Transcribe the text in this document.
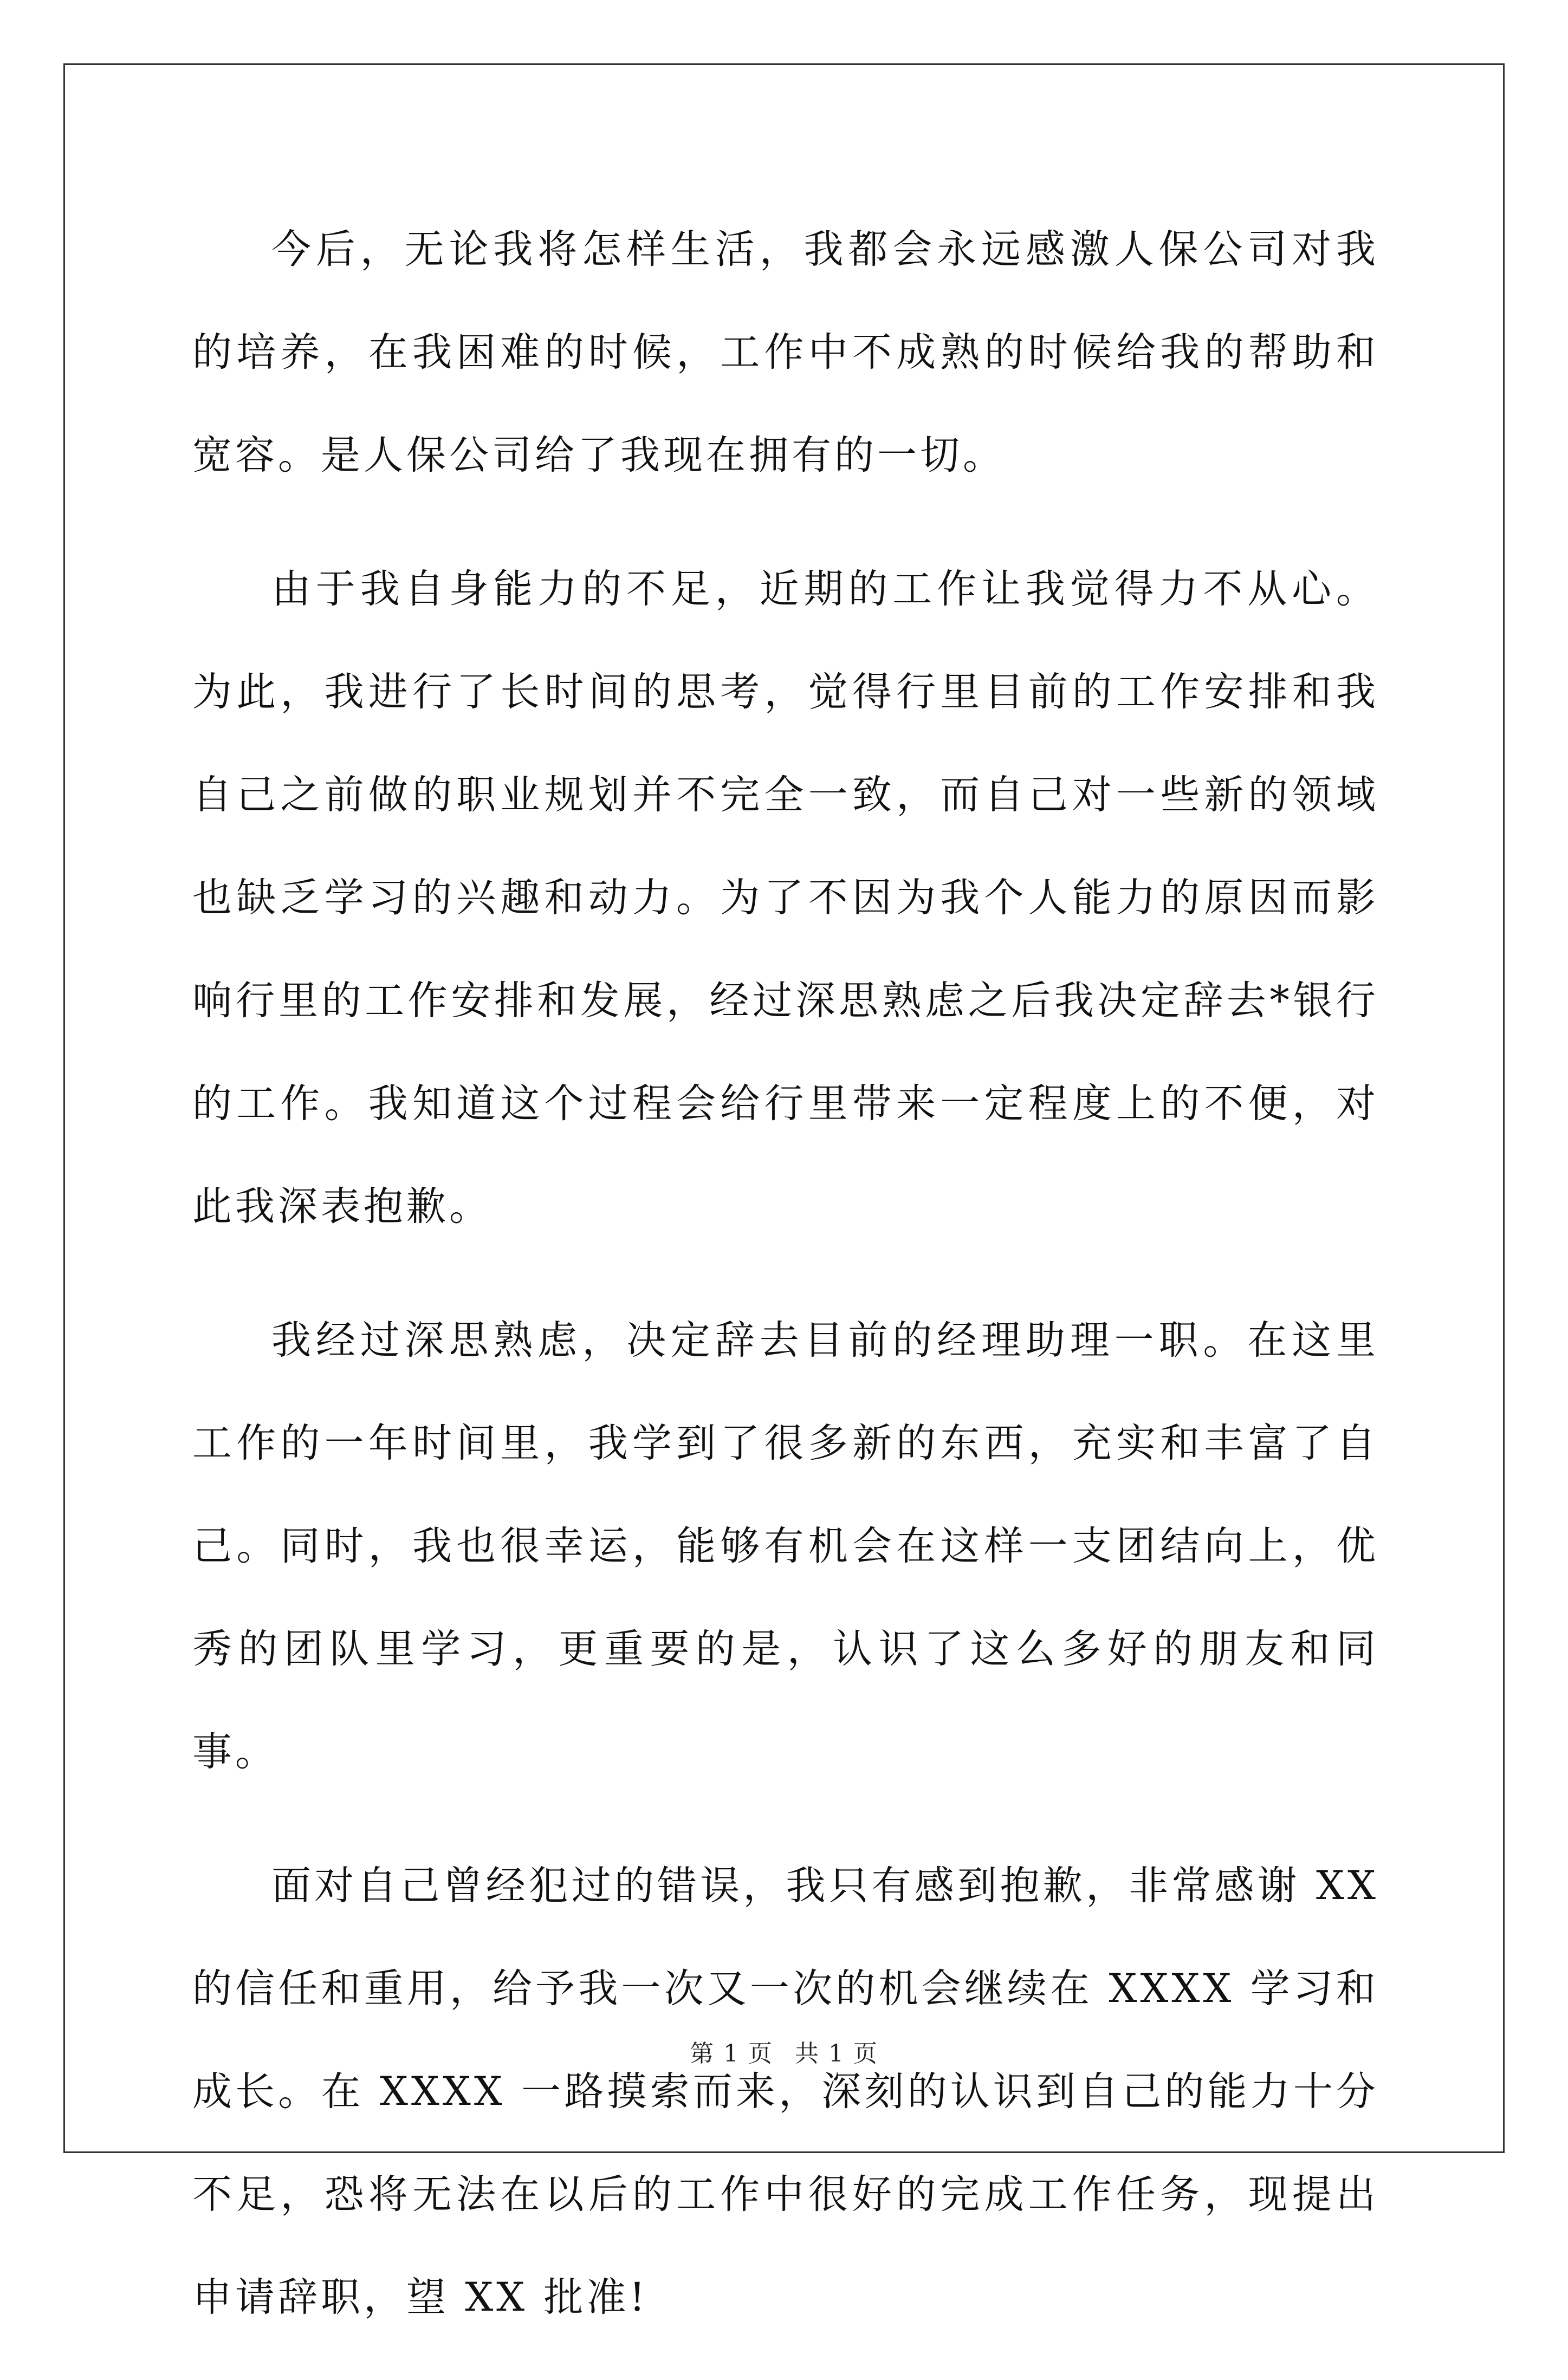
今后，无论我将怎样生活，我都会永远感激人保公司对我的培养，在我困难的时候，工作中不成熟的时候给我的帮助和宽容。是人保公司给了我现在拥有的一切。

由于我自身能力的不足，近期的工作让我觉得力不从心。为此，我进行了长时间的思考，觉得行里目前的工作安排和我自己之前做的职业规划并不完全一致，而自己对一些新的领域也缺乏学习的兴趣和动力。为了不因为我个人能力的原因而影响行里的工作安排和发展，经过深思熟虑之后我决定辞去*银行的工作。我知道这个过程会给行里带来一定程度上的不便，对此我深表抱歉。

我经过深思熟虑，决定辞去目前的经理助理一职。在这里工作的一年时间里，我学到了很多新的东西，充实和丰富了自己。同时，我也很幸运，能够有机会在这样一支团结向上，优秀的团队里学习，更重要的是，认识了这么多好的朋友和同事。

面对自己曾经犯过的错误，我只有感到抱歉，非常感谢 XX 的信任和重用，给予我一次又一次的机会继续在 XXXX 学习和成长。在 XXXX 一路摸索而来，深刻的认识到自己的能力十分不足，恐将无法在以后的工作中很好的完成工作任务，现提出申请辞职，望 XX 批准!

第 1 页 共 1 页
